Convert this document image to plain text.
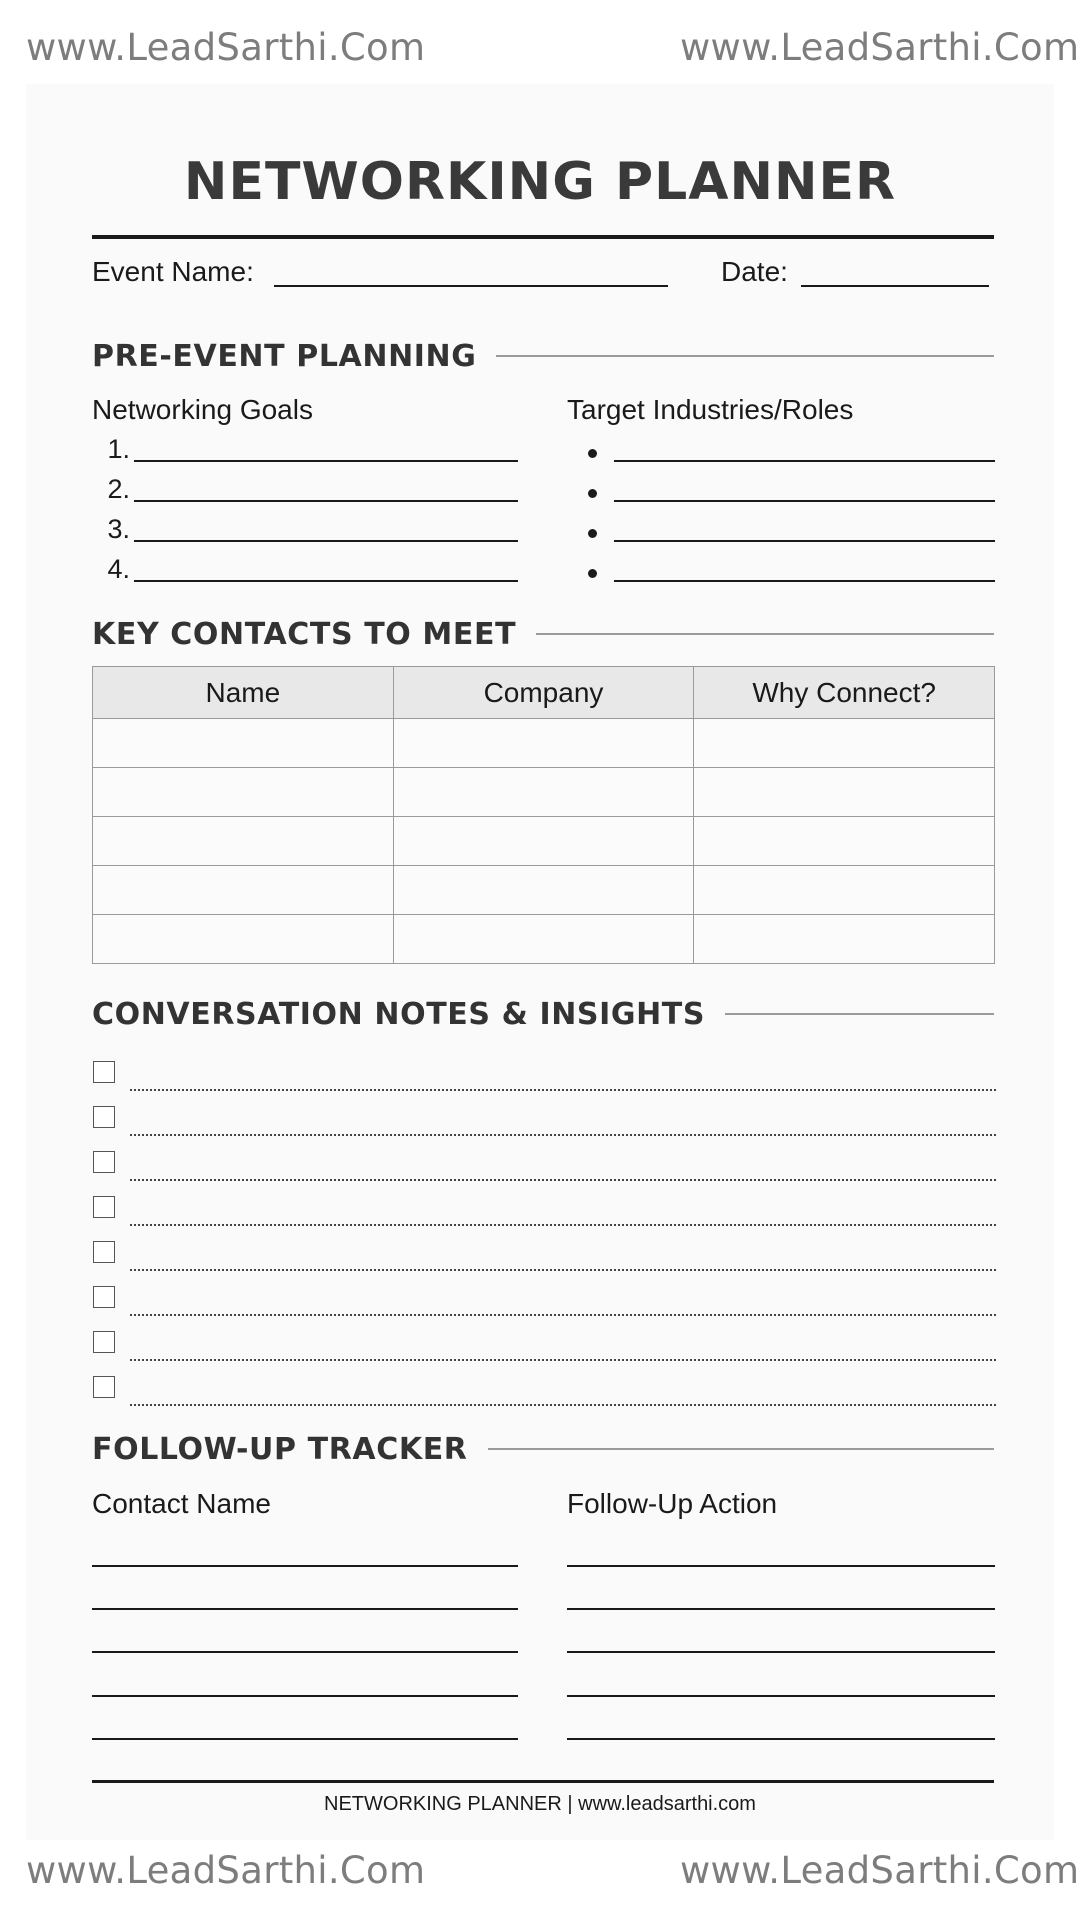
www.LeadSarthi.Com	www.LeadSarthi.Com
www.LeadSarthi.Com	www.LeadSarthi.Com
NETWORKING PLANNER
Event Name:	Date:
PRE-EVENT PLANNING
Networking Goals	Target Industries/Roles
1.
2.
3.
4.
KEY CONTACTS TO MEET
Name	Company	Why Connect?

CONVERSATION NOTES & INSIGHTS
FOLLOW-UP TRACKER
Contact Name	Follow-Up Action
NETWORKING PLANNER | www.leadsarthi.com
